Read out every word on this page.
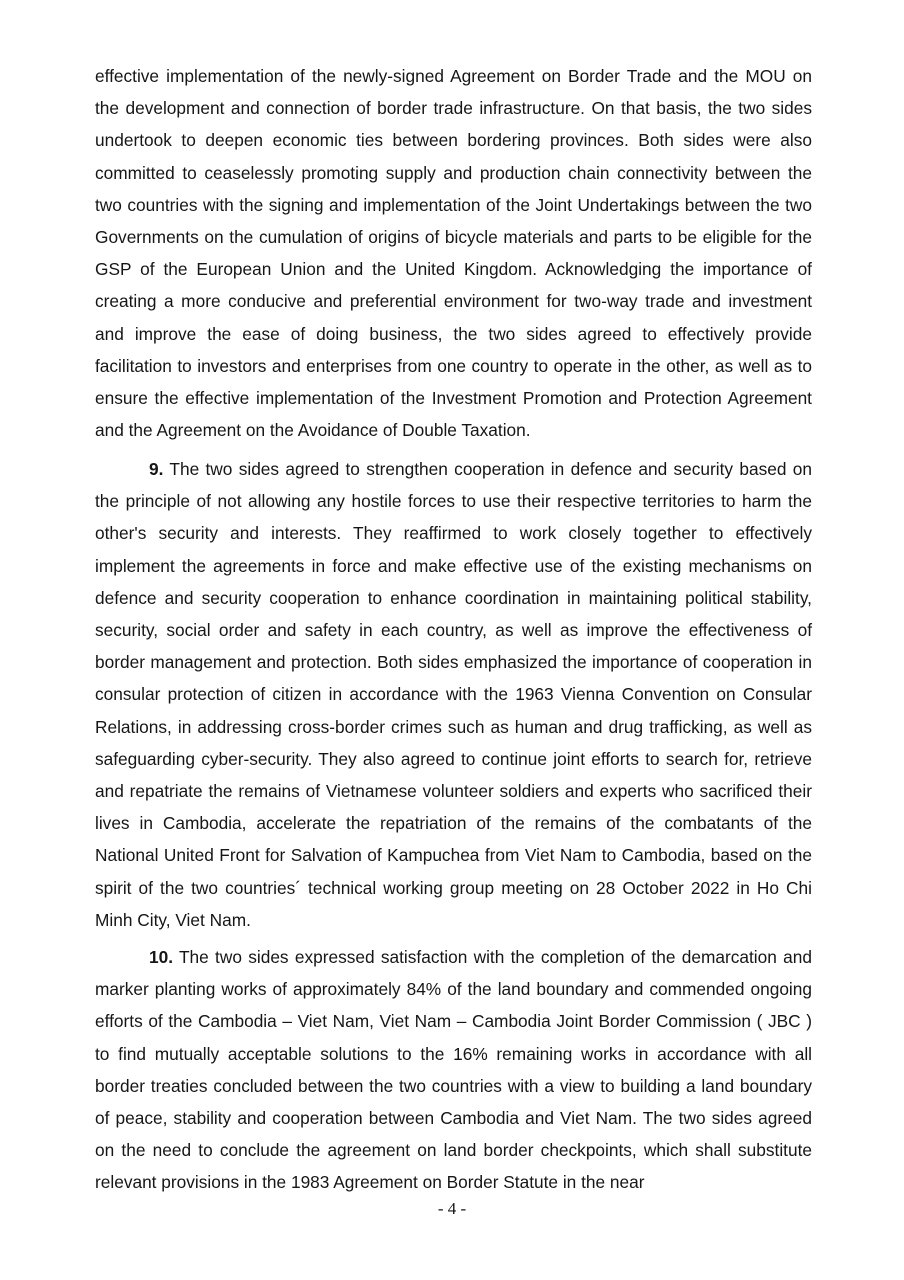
effective implementation of the newly-signed Agreement on Border Trade and the MOU on the development and connection of border trade infrastructure. On that basis, the two sides undertook to deepen economic ties between bordering provinces. Both sides were also committed to ceaselessly promoting supply and production chain connectivity between the two countries with the signing and implementation of the Joint Undertakings between the two Governments on the cumulation of origins of bicycle materials and parts to be eligible for the GSP of the European Union and the United Kingdom. Acknowledging the importance of creating a more conducive and preferential environment for two-way trade and investment and improve the ease of doing business, the two sides agreed to effectively provide facilitation to investors and enterprises from one country to operate in the other, as well as to ensure the effective implementation of the Investment Promotion and Protection Agreement and the Agreement on the Avoidance of Double Taxation.

9. The two sides agreed to strengthen cooperation in defence and security based on the principle of not allowing any hostile forces to use their respective territories to harm the other's security and interests. They reaffirmed to work closely together to effectively implement the agreements in force and make effective use of the existing mechanisms on defence and security cooperation to enhance coordination in maintaining political stability, security, social order and safety in each country, as well as improve the effectiveness of border management and protection. Both sides emphasized the importance of cooperation in consular protection of citizen in accordance with the 1963 Vienna Convention on Consular Relations, in addressing cross-border crimes such as human and drug trafficking, as well as safeguarding cyber-security. They also agreed to continue joint efforts to search for, retrieve and repatriate the remains of Vietnamese volunteer soldiers and experts who sacrificed their lives in Cambodia, accelerate the repatriation of the remains of the combatants of the National United Front for Salvation of Kampuchea from Viet Nam to Cambodia, based on the spirit of the two countries´ technical working group meeting on 28 October 2022 in Ho Chi Minh City, Viet Nam.

10. The two sides expressed satisfaction with the completion of the demarcation and marker planting works of approximately 84% of the land boundary and commended ongoing efforts of the Cambodia – Viet Nam, Viet Nam – Cambodia Joint Border Commission ( JBC ) to find mutually acceptable solutions to the 16% remaining works in accordance with all border treaties concluded between the two countries with a view to building a land boundary of peace, stability and cooperation between Cambodia and Viet Nam. The two sides agreed on the need to conclude the agreement on land border checkpoints, which shall substitute relevant provisions in the 1983 Agreement on Border Statute in the near

- 4 -
